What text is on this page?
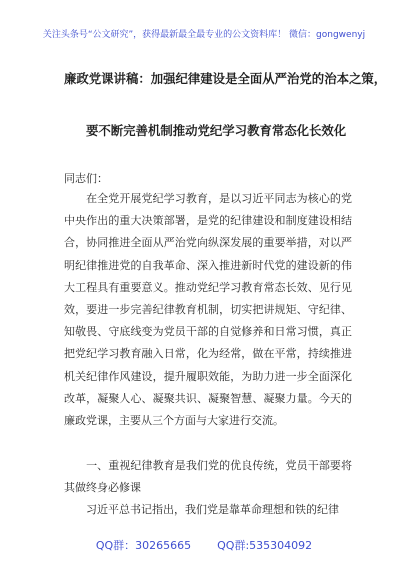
关注头条号“公文研究”，获得最新最全最专业的公文资料库！ 微信：gongwenyj
廉政党课讲稿：加强纪律建设是全面从严治党的治本之策，
要不断完善机制推动党纪学习教育常态化长效化
同志们：

在全党开展党纪学习教育，是以习近平同志为核心的党中央作出的重大决策部署，是党的纪律建设和制度建设相结合，协同推进全面从严治党向纵深发展的重要举措，对以严明纪律推进党的自我革命、深入推进新时代党的建设新的伟大工程具有重要意义。推动党纪学习教育常态长效、见行见效，要进一步完善纪律教育机制，切实把讲规矩、守纪律、知敬畏、守底线变为党员干部的自觉修养和日常习惯，真正把党纪学习教育融入日常，化为经常，做在平常，持续推进机关纪律作风建设，提升履职效能，为助力进一步全面深化改革，凝聚人心、凝聚共识、凝聚智慧、凝聚力量。今天的廉政党课，主要从三个方面与大家进行交流。

一、重视纪律教育是我们党的优良传统，党员干部要将其做终身必修课

习近平总书记指出，我们党是靠革命理想和铁的纪律

QQ群：30265665 QQ群:535304092
